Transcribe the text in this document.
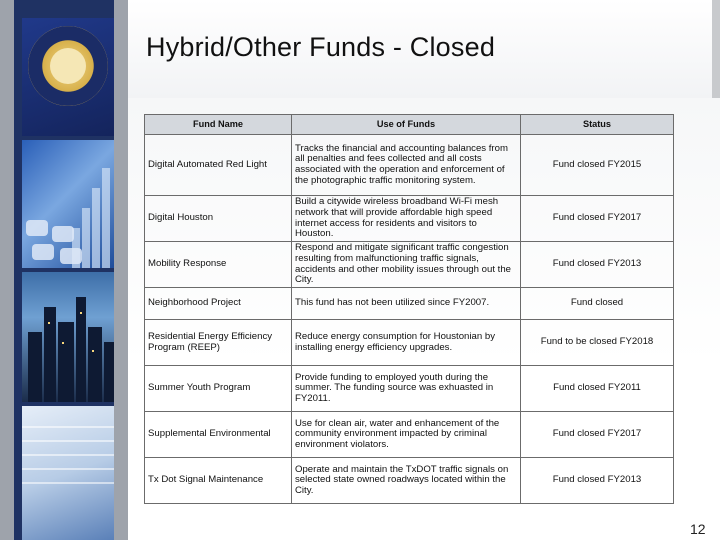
Hybrid/Other Funds - Closed
Fund Name	Use of Funds	Status
Digital Automated Red Light	Tracks the financial and accounting balances from all penalties and fees collected and all costs associated with the operation and enforcement of the photographic traffic monitoring system.	Fund closed FY2015
Digital Houston	Build a citywide wireless broadband Wi-Fi mesh network that will provide affordable high speed internet access for residents and visitors to Houston.	Fund closed FY2017
Mobility Response	Respond and mitigate significant traffic congestion resulting from malfunctioning traffic signals, accidents and other mobility issues through out the City.	Fund closed FY2013
Neighborhood Project	This fund has not been utilized since FY2007.	Fund closed
Residential Energy Efficiency Program (REEP)	Reduce energy consumption for Houstonian by installing energy efficiency upgrades.	Fund to be closed FY2018
Summer Youth Program	Provide funding to employed youth during the summer. The funding source was exhuasted in FY2011.	Fund closed FY2011
Supplemental Environmental	Use for clean air, water and enhancement of the community environment impacted by criminal environment violators.	Fund closed FY2017
Tx Dot Signal Maintenance	Operate and maintain the TxDOT traffic signals on selected state owned roadways located within the City.	Fund closed FY2013
12
